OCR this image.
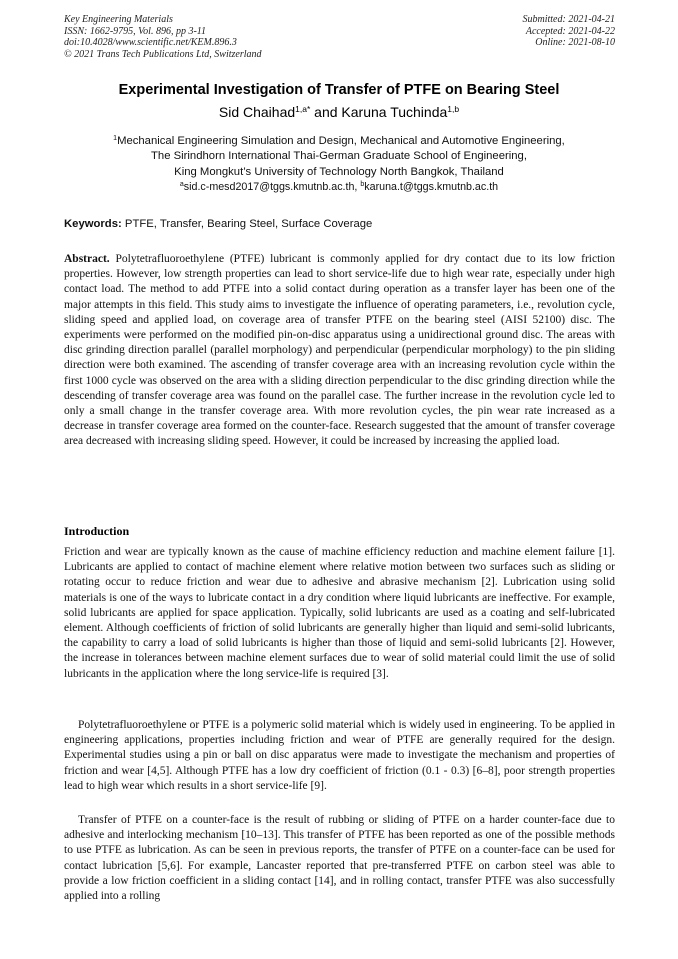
Key Engineering Materials
ISSN: 1662-9795, Vol. 896, pp 3-11
doi:10.4028/www.scientific.net/KEM.896.3
© 2021 Trans Tech Publications Ltd, Switzerland
Submitted: 2021-04-21
Accepted: 2021-04-22
Online: 2021-08-10
Experimental Investigation of Transfer of PTFE on Bearing Steel
Sid Chaihad$^{1,a*}$ and Karuna Tuchinda$^{1,b}$
$^1$Mechanical Engineering Simulation and Design, Mechanical and Automotive Engineering,
The Sirindhorn International Thai-German Graduate School of Engineering,
King Mongkut’s University of Technology North Bangkok, Thailand
$^a$sid.c-mesd2017@tggs.kmutnb.ac.th, $^b$karuna.t@tggs.kmutnb.ac.th
Keywords: PTFE, Transfer, Bearing Steel, Surface Coverage

Abstract. Polytetrafluoroethylene (PTFE) lubricant is commonly applied for dry contact due to its low friction properties. However, low strength properties can lead to short service-life due to high wear rate, especially under high contact load. The method to add PTFE into a solid contact during operation as a transfer layer has been one of the major attempts in this field. This study aims to investigate the influence of operating parameters, i.e., revolution cycle, sliding speed and applied load, on coverage area of transfer PTFE on the bearing steel (AISI 52100) disc. The experiments were performed on the modified pin-on-disc apparatus using a unidirectional ground disc. The areas with disc grinding direction parallel (parallel morphology) and perpendicular (perpendicular morphology) to the pin sliding direction were both examined. The ascending of transfer coverage area with an increasing revolution cycle within the first 1000 cycle was observed on the area with a sliding direction perpendicular to the disc grinding direction while the descending of transfer coverage area was found on the parallel case. The further increase in the revolution cycle led to only a small change in the transfer coverage area. With more revolution cycles, the pin wear rate increased as a decrease in transfer coverage area formed on the counter-face. Research suggested that the amount of transfer coverage area decreased with increasing sliding speed. However, it could be increased by increasing the applied load.

Introduction

Friction and wear are typically known as the cause of machine efficiency reduction and machine element failure [1]. Lubricants are applied to contact of machine element where relative motion between two surfaces such as sliding or rotating occur to reduce friction and wear due to adhesive and abrasive mechanism [2]. Lubrication using solid materials is one of the ways to lubricate contact in a dry condition where liquid lubricants are ineffective. For example, solid lubricants are applied for space application. Typically, solid lubricants are used as a coating and self-lubricated element. Although coefficients of friction of solid lubricants are generally higher than liquid and semi-solid lubricants, the capability to carry a load of solid lubricants is higher than those of liquid and semi-solid lubricants [2]. However, the increase in tolerances between machine element surfaces due to wear of solid material could limit the use of solid lubricants in the application where the long service-life is required [3].

Polytetrafluoroethylene or PTFE is a polymeric solid material which is widely used in engineering. To be applied in engineering applications, properties including friction and wear of PTFE are generally required for the design. Experimental studies using a pin or ball on disc apparatus were made to investigate the mechanism and properties of friction and wear [4,5]. Although PTFE has a low dry coefficient of friction (0.1 - 0.3) [6–8], poor strength properties lead to high wear which results in a short service-life [9].

Transfer of PTFE on a counter-face is the result of rubbing or sliding of PTFE on a harder counter-face due to adhesive and interlocking mechanism [10–13]. This transfer of PTFE has been reported as one of the possible methods to use PTFE as lubrication. As can be seen in previous reports, the transfer of PTFE on a counter-face can be used for contact lubrication [5,6]. For example, Lancaster reported that pre-transferred PTFE on carbon steel was able to provide a low friction coefficient in a sliding contact [14], and in rolling contact, transfer PTFE was also successfully applied into a rolling
